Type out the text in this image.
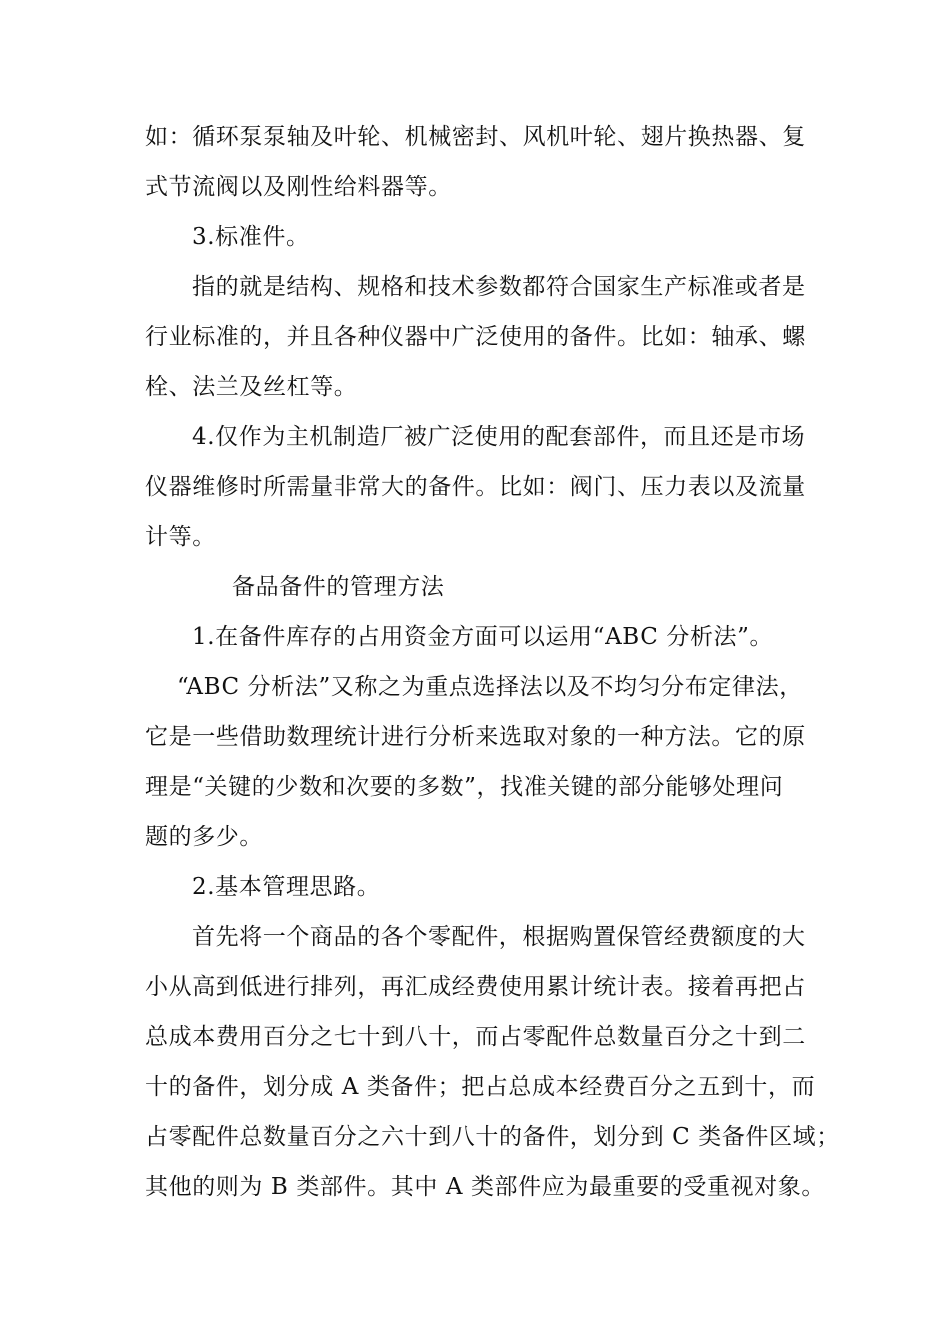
如：循环泵泵轴及叶轮、机械密封、风机叶轮、翅片换热器、复
式节流阀以及刚性给料器等。
3.标准件。
指的就是结构、规格和技术参数都符合国家生产标准或者是
行业标准的，并且各种仪器中广泛使用的备件。比如：轴承、螺
栓、法兰及丝杠等。
4.仅作为主机制造厂被广泛使用的配套部件，而且还是市场
仪器维修时所需量非常大的备件。比如：阀门、压力表以及流量
计等。
备品备件的管理方法
1.在备件库存的占用资金方面可以运用“ABC 分析法”。
“ABC 分析法”又称之为重点选择法以及不均匀分布定律法，
它是一些借助数理统计进行分析来选取对象的一种方法。它的原
理是“关键的少数和次要的多数”，找准关键的部分能够处理问
题的多少。
2.基本管理思路。
首先将一个商品的各个零配件，根据购置保管经费额度的大
小从高到低进行排列，再汇成经费使用累计统计表。接着再把占
总成本费用百分之七十到八十，而占零配件总数量百分之十到二
十的备件，划分成 A 类备件；把占总成本经费百分之五到十，而
占零配件总数量百分之六十到八十的备件，划分到 C 类备件区域；
其他的则为 B 类部件。其中 A 类部件应为最重要的受重视对象。
